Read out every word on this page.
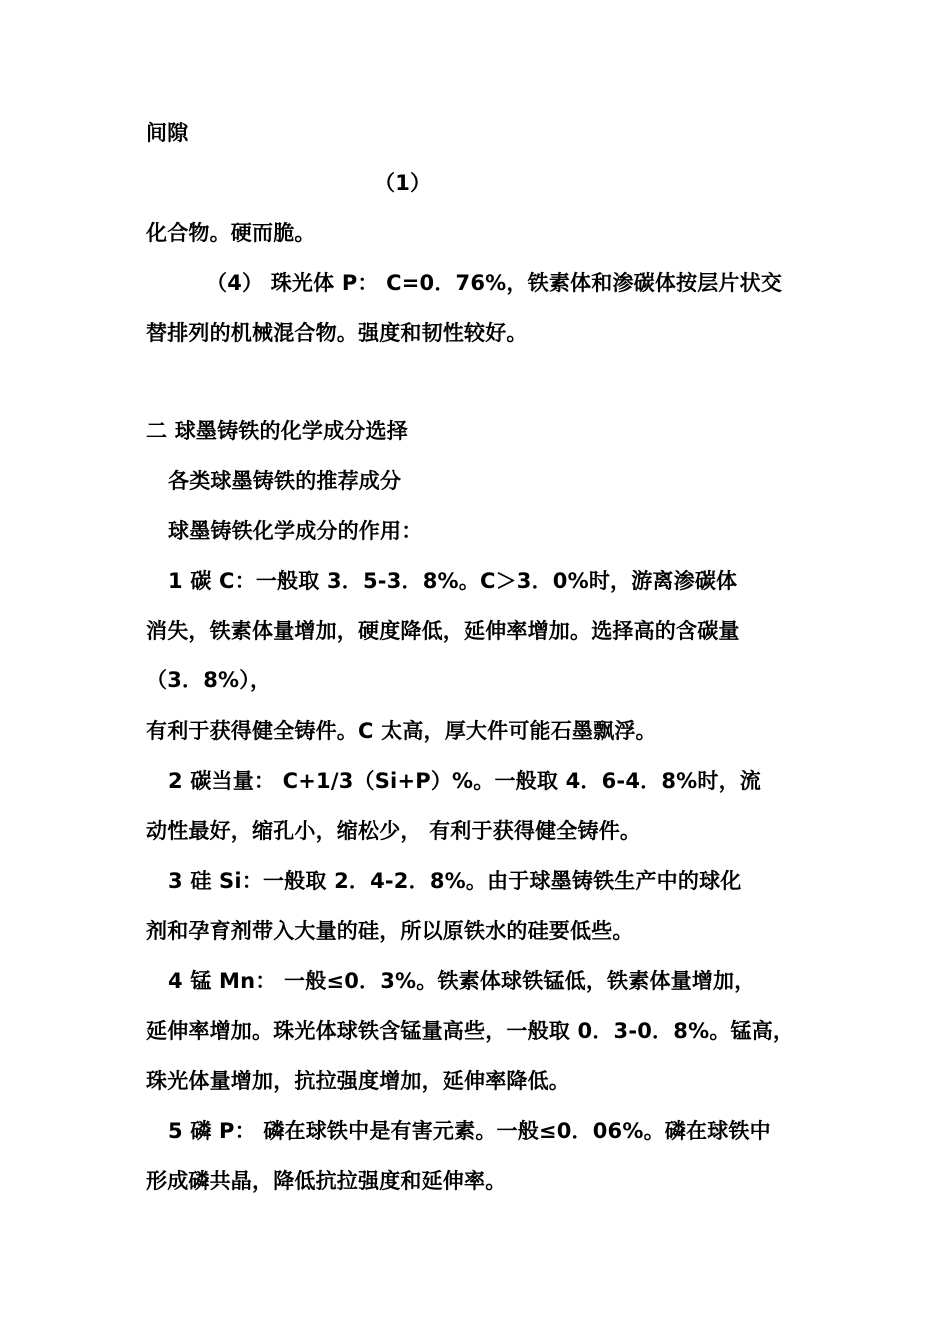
间隙
（1）
化合物。硬而脆。
（4） 珠光体 P： C=0．76%，铁素体和渗碳体按层片状交
替排列的机械混合物。强度和韧性较好。
二 球墨铸铁的化学成分选择
各类球墨铸铁的推荐成分
球墨铸铁化学成分的作用：
1 碳 C：一般取 3．5-3．8%。C＞3．0%时，游离渗碳体
消失，铁素体量增加，硬度降低，延伸率增加。选择高的含碳量
（3．8%），
有利于获得健全铸件。C 太高，厚大件可能石墨飘浮。
2 碳当量： C+1/3（Si+P）%。一般取 4．6-4．8%时，流
动性最好，缩孔小，缩松少， 有利于获得健全铸件。
3 硅 Si：一般取 2．4-2．8%。由于球墨铸铁生产中的球化
剂和孕育剂带入大量的硅，所以原铁水的硅要低些。
4 锰 Mn： 一般≤0．3%。铁素体球铁锰低，铁素体量增加，
延伸率增加。珠光体球铁含锰量高些，一般取 0．3-0．8%。锰高，
珠光体量增加，抗拉强度增加，延伸率降低。
5 磷 P： 磷在球铁中是有害元素。一般≤0．06%。磷在球铁中
形成磷共晶，降低抗拉强度和延伸率。
